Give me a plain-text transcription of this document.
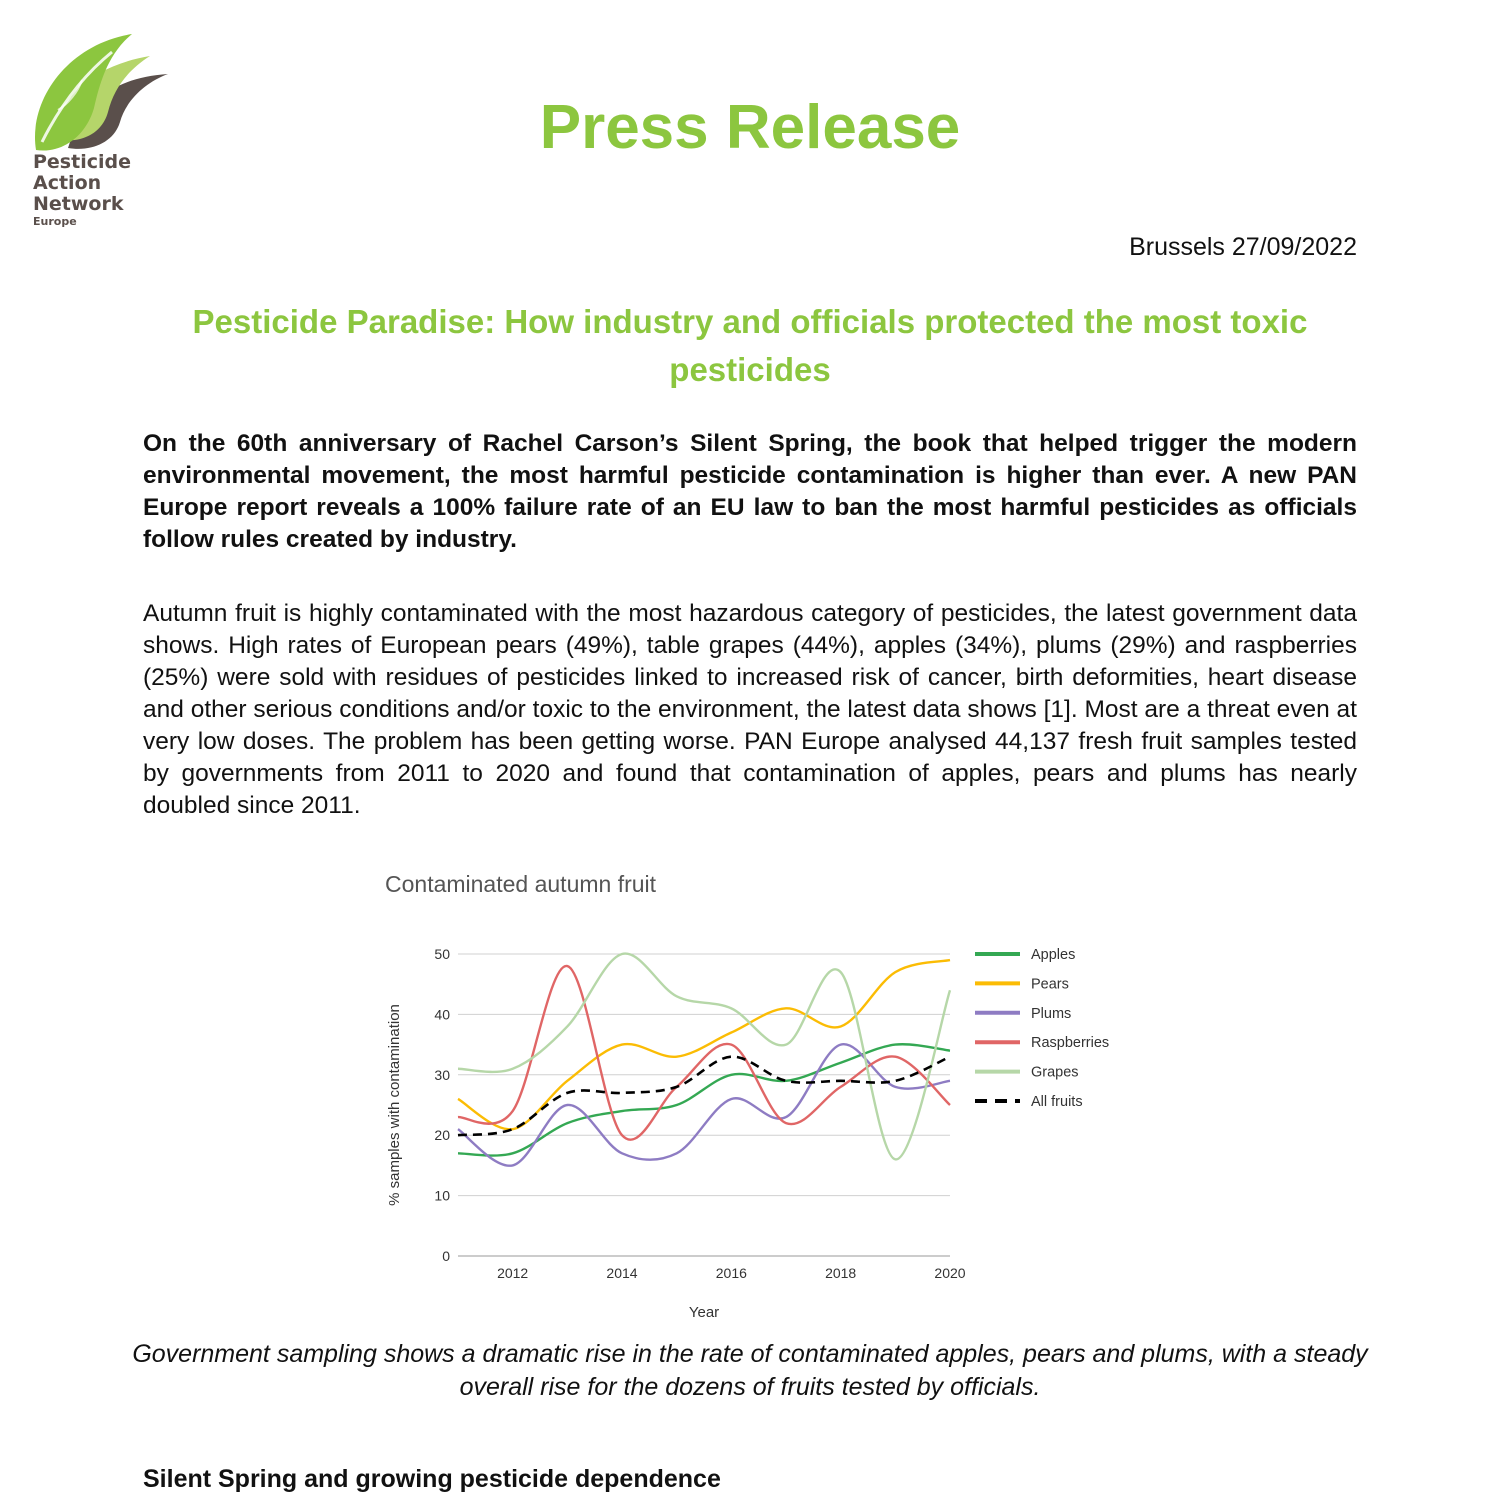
Pesticide
Action
Network
Europe
Press Release
Brussels 27/09/2022
Pesticide Paradise: How industry and officials protected the most toxic pesticides

On the 60th anniversary of Rachel Carson’s Silent Spring, the book that helped trigger the modern environmental movement, the most harmful pesticide contamination is higher than ever. A new PAN Europe report reveals a 100% failure rate of an EU law to ban the most harmful pesticides as officials follow rules created by industry.

Autumn fruit is highly contaminated with the most hazardous category of pesticides, the latest government data shows. High rates of European pears (49%), table grapes (44%), apples (34%), plums (29%) and raspberries (25%) were sold with residues of pesticides linked to increased risk of cancer, birth deformities, heart disease and other serious conditions and/or toxic to the environment, the latest data shows [1]. Most are a threat even at very low doses. The problem has been getting worse. PAN Europe analysed 44,137 fresh fruit samples tested by governments from 2011 to 2020 and found that contamination of apples, pears and plums has nearly doubled since 2011.

Contaminated autumn fruit
0
10
20
30
40
50
2012	2014	2016	2018	2020
Year
% samples with contamination
Apples
Pears
Plums
Raspberries
Grapes
All fruits

Government sampling shows a dramatic rise in the rate of contaminated apples, pears and plums, with a steady overall rise for the dozens of fruits tested by officials.

Silent Spring and growing pesticide dependence
